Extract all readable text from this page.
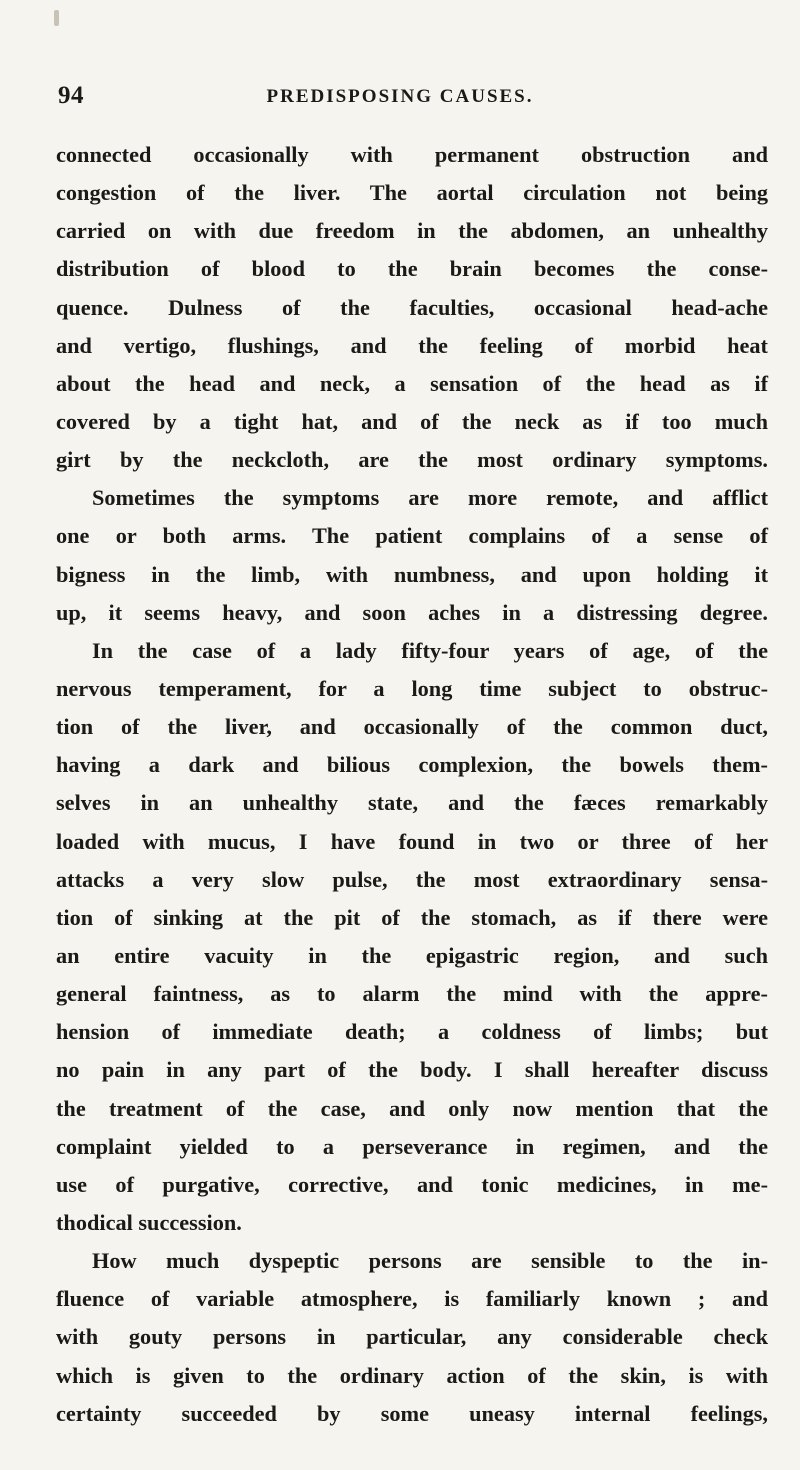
94	PREDISPOSING CAUSES.
connected occasionally with permanent obstruction and
congestion of the liver. The aortal circulation not being
carried on with due freedom in the abdomen, an unhealthy
distribution of blood to the brain becomes the conse-
quence. Dulness of the faculties, occasional head-ache
and vertigo, flushings, and the feeling of morbid heat
about the head and neck, a sensation of the head as if
covered by a tight hat, and of the neck as if too much
girt by the neckcloth, are the most ordinary symptoms.
Sometimes the symptoms are more remote, and afflict
one or both arms. The patient complains of a sense of
bigness in the limb, with numbness, and upon holding it
up, it seems heavy, and soon aches in a distressing degree.
In the case of a lady fifty-four years of age, of the
nervous temperament, for a long time subject to obstruc-
tion of the liver, and occasionally of the common duct,
having a dark and bilious complexion, the bowels them-
selves in an unhealthy state, and the fæces remarkably
loaded with mucus, I have found in two or three of her
attacks a very slow pulse, the most extraordinary sensa-
tion of sinking at the pit of the stomach, as if there were
an entire vacuity in the epigastric region, and such
general faintness, as to alarm the mind with the appre-
hension of immediate death; a coldness of limbs; but
no pain in any part of the body. I shall hereafter discuss
the treatment of the case, and only now mention that the
complaint yielded to a perseverance in regimen, and the
use of purgative, corrective, and tonic medicines, in me-
thodical succession.
How much dyspeptic persons are sensible to the in-
fluence of variable atmosphere, is familiarly known ; and
with gouty persons in particular, any considerable check
which is given to the ordinary action of the skin, is with
certainty succeeded by some uneasy internal feelings,
